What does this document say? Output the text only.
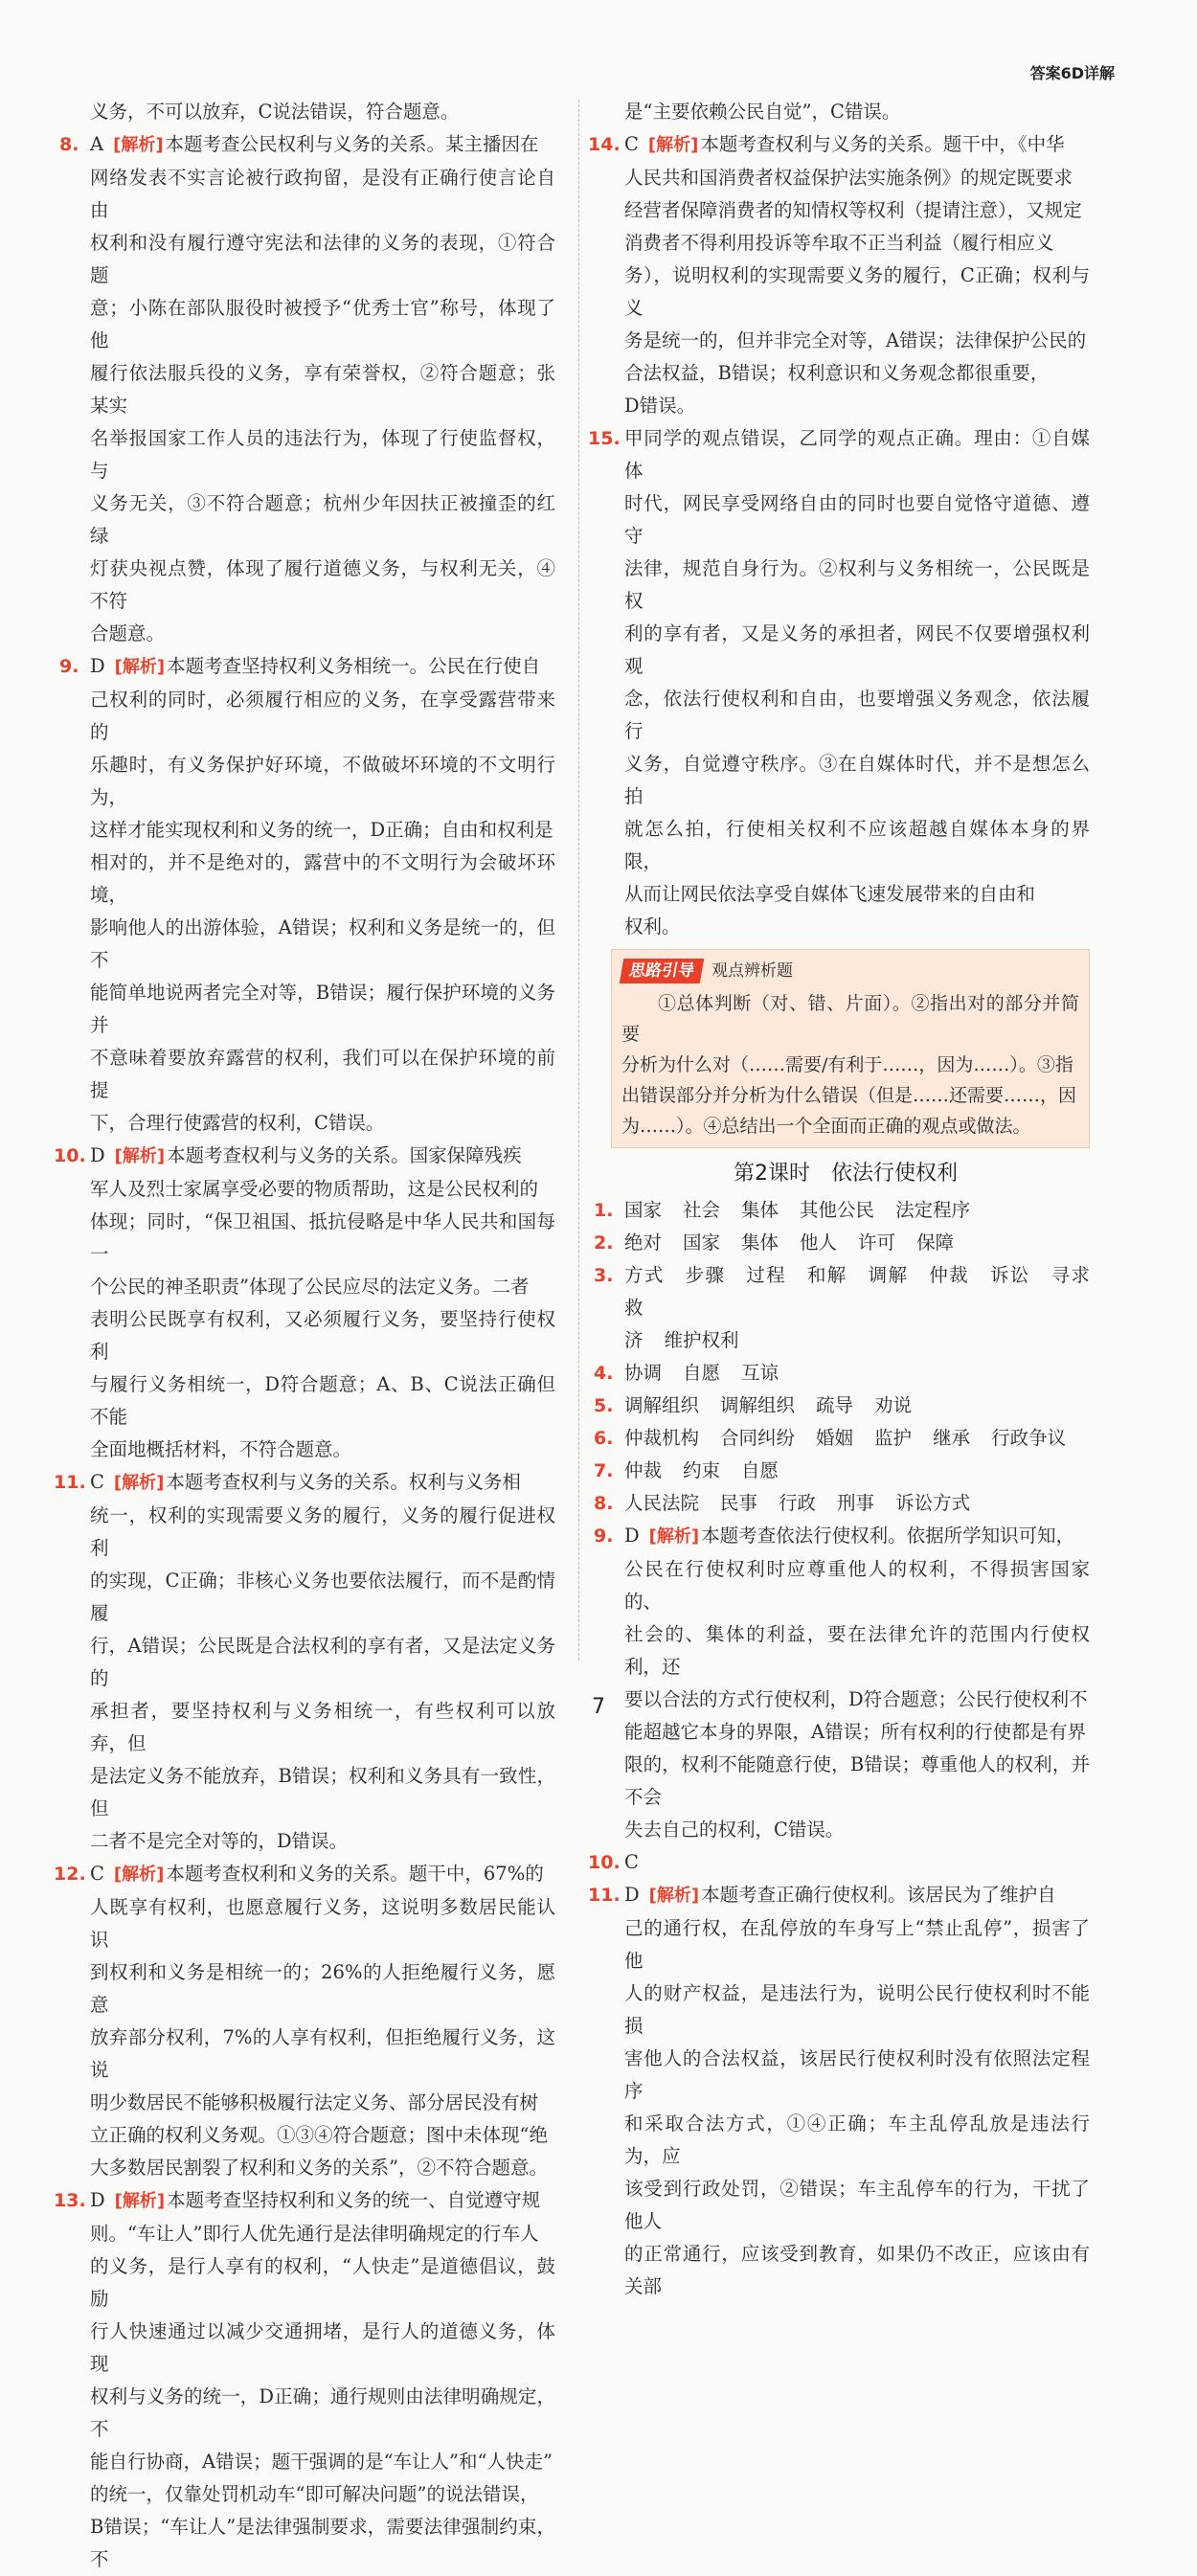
答案6D详解

义务，不可以放弃，C说法错误，符合题意。

8. A [解析] 本题考查公民权利与义务的关系。某主播因在

网络发表不实言论被行政拘留，是没有正确行使言论自由

权利和没有履行遵守宪法和法律的义务的表现，①符合题

意；小陈在部队服役时被授予“优秀士官”称号，体现了他

履行依法服兵役的义务，享有荣誉权，②符合题意；张某实

名举报国家工作人员的违法行为，体现了行使监督权，与

义务无关，③不符合题意；杭州少年因扶正被撞歪的红绿

灯获央视点赞，体现了履行道德义务，与权利无关，④不符

合题意。

9. D [解析] 本题考查坚持权利义务相统一。公民在行使自

己权利的同时，必须履行相应的义务，在享受露营带来的

乐趣时，有义务保护好环境，不做破坏环境的不文明行为，

这样才能实现权利和义务的统一，D正确；自由和权利是

相对的，并不是绝对的，露营中的不文明行为会破坏环境，

影响他人的出游体验，A错误；权利和义务是统一的，但不

能简单地说两者完全对等，B错误；履行保护环境的义务并

不意味着要放弃露营的权利，我们可以在保护环境的前提

下，合理行使露营的权利，C错误。

10. D [解析] 本题考查权利与义务的关系。国家保障残疾

军人及烈士家属享受必要的物质帮助，这是公民权利的

体现；同时，“保卫祖国、抵抗侵略是中华人民共和国每一

个公民的神圣职责”体现了公民应尽的法定义务。二者

表明公民既享有权利，又必须履行义务，要坚持行使权利

与履行义务相统一，D符合题意；A、B、C说法正确但不能

全面地概括材料，不符合题意。

11. C [解析] 本题考查权利与义务的关系。权利与义务相

统一，权利的实现需要义务的履行，义务的履行促进权利

的实现，C正确；非核心义务也要依法履行，而不是酌情履

行，A错误；公民既是合法权利的享有者，又是法定义务的

承担者，要坚持权利与义务相统一，有些权利可以放弃，但

是法定义务不能放弃，B错误；权利和义务具有一致性，但

二者不是完全对等的，D错误。

12. C [解析] 本题考查权利和义务的关系。题干中，67%的

人既享有权利，也愿意履行义务，这说明多数居民能认识

到权利和义务是相统一的；26%的人拒绝履行义务，愿意

放弃部分权利，7%的人享有权利，但拒绝履行义务，这说

明少数居民不能够积极履行法定义务、部分居民没有树

立正确的权利义务观。①③④符合题意；图中未体现“绝

大多数居民割裂了权利和义务的关系”，②不符合题意。

13. D [解析] 本题考查坚持权利和义务的统一、自觉遵守规

则。“车让人”即行人优先通行是法律明确规定的行车人

的义务，是行人享有的权利，“人快走”是道德倡议，鼓励

行人快速通过以减少交通拥堵，是行人的道德义务，体现

权利与义务的统一，D正确；通行规则由法律明确规定，不

能自行协商，A错误；题干强调的是“车让人”和“人快走”

的统一，仅靠处罚机动车“即可解决问题”的说法错误，

B错误；“车让人”是法律强制要求，需要法律强制约束，不

是“主要依赖公民自觉”，C错误。

14. C [解析] 本题考查权利与义务的关系。题干中，《中华

人民共和国消费者权益保护法实施条例》的规定既要求

经营者保障消费者的知情权等权利（提请注意），又规定

消费者不得利用投诉等牟取不正当利益（履行相应义

务），说明权利的实现需要义务的履行，C正确；权利与义

务是统一的，但并非完全对等，A错误；法律保护公民的

合法权益，B错误；权利意识和义务观念都很重要，

D错误。

15. 甲同学的观点错误，乙同学的观点正确。理由：①自媒体

时代，网民享受网络自由的同时也要自觉恪守道德、遵守

法律，规范自身行为。②权利与义务相统一，公民既是权

利的享有者，又是义务的承担者，网民不仅要增强权利观

念，依法行使权利和自由，也要增强义务观念，依法履行

义务，自觉遵守秩序。③在自媒体时代，并不是想怎么拍

就怎么拍，行使相关权利不应该超越自媒体本身的界限，

从而让网民依法享受自媒体飞速发展带来的自由和

权利。

思路引导 观点辨析题
①总体判断（对、错、片面）。②指出对的部分并简要
分析为什么对（……需要/有利于……，因为……）。③指
出错误部分并分析为什么错误（但是……还需要……，因
为……）。④总结出一个全面而正确的观点或做法。
第2课时　依法行使权利

1. 国家 社会 集体 其他公民 法定程序

2. 绝对 国家 集体 他人 许可 保障

3. 方式 步骤 过程 和解 调解 仲裁 诉讼 寻求救

济 维护权利

4. 协调 自愿 互谅

5. 调解组织 调解组织 疏导 劝说

6. 仲裁机构 合同纠纷 婚姻 监护 继承 行政争议

7. 仲裁 约束 自愿

8. 人民法院 民事 行政 刑事 诉讼方式

9. D [解析] 本题考查依法行使权利。依据所学知识可知，

公民在行使权利时应尊重他人的权利，不得损害国家的、

社会的、集体的利益，要在法律允许的范围内行使权利，还

要以合法的方式行使权利，D符合题意；公民行使权利不

能超越它本身的界限，A错误；所有权利的行使都是有界

限的，权利不能随意行使，B错误；尊重他人的权利，并不会

失去自己的权利，C错误。

10. C

11. D [解析] 本题考查正确行使权利。该居民为了维护自

己的通行权，在乱停放的车身写上“禁止乱停”，损害了他

人的财产权益，是违法行为，说明公民行使权利时不能损

害他人的合法权益，该居民行使权利时没有依照法定程序

和采取合法方式，①④正确；车主乱停乱放是违法行为，应

该受到行政处罚，②错误；车主乱停车的行为，干扰了他人

的正常通行，应该受到教育，如果仍不改正，应该由有关部

7
